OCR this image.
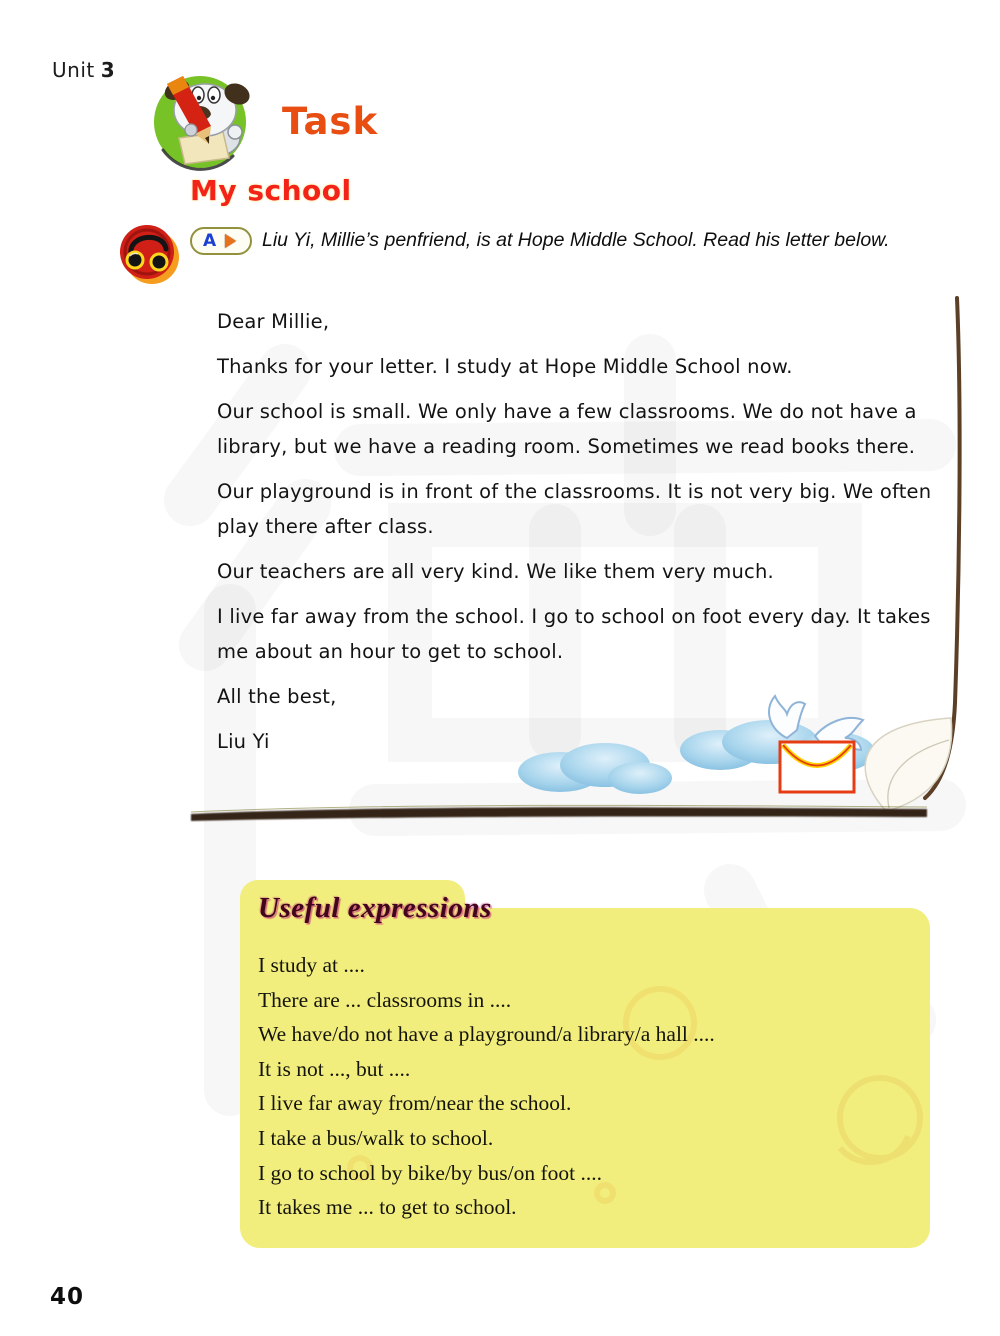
Unit 3
Task
My school
A Liu Yi, Millie’s penfriend, is at Hope Middle School. Read his letter below.

Dear Millie,

Thanks for your letter. I study at Hope Middle School now.

Our school is small. We only have a few classrooms. We do not have a library, but we have a reading room. Sometimes we read books there.

Our playground is in front of the classrooms. It is not very big. We often play there after class.

Our teachers are all very kind. We like them very much.

I live far away from the school. I go to school on foot every day. It takes me about an hour to get to school.

All the best,

Liu Yi

Useful expressions
I study at ....
There are ... classrooms in ....
We have/do not have a playground/a library/a hall ....
It is not ..., but ....
I live far away from/near the school.
I take a bus/walk to school.
I go to school by bike/by bus/on foot ....
It takes me ... to get to school.
40
